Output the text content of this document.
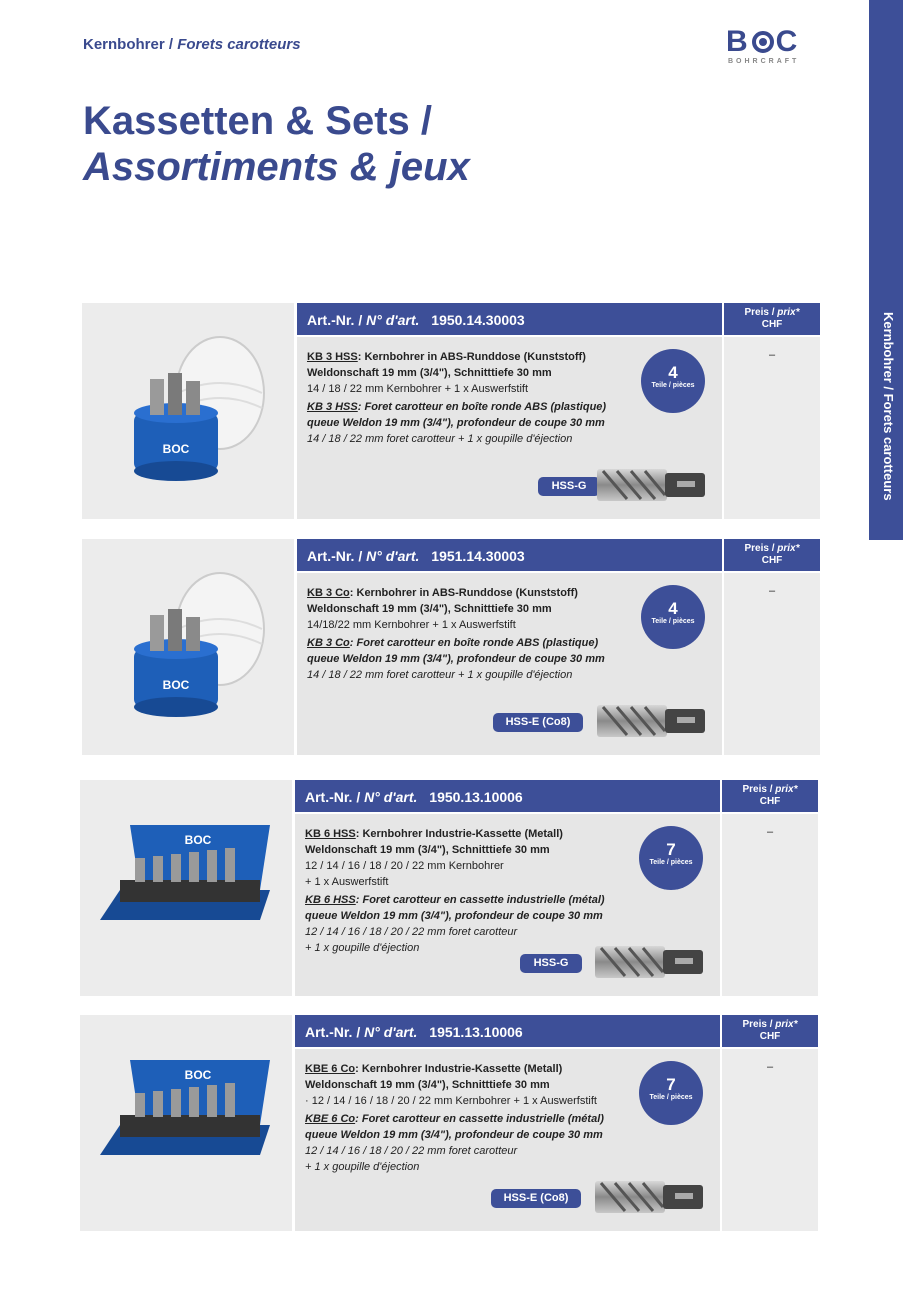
Kernbohrer / Forets carotteurs	B C
BOHRCRAFT
Kassetten & Sets /
Assortiments & jeux
Kernbohrer / Forets carotteurs
BOC
Art.-Nr. / N° d'art. 1950.14.30003
KB 3 HSS: Kernbohrer in ABS-Runddose (Kunststoff)
Weldonschaft 19 mm (3/4"), Schnitttiefe 30 mm
14 / 18 / 22 mm Kernbohrer + 1 x Auswerfstift
KB 3 HSS: Foret carotteur en boîte ronde ABS (plastique)
queue Weldon 19 mm (3/4"), profondeur de coupe 30 mm
14 / 18 / 22 mm foret carotteur + 1 x goupille d'éjection
4
Teile / pièces
HSS-G
Preis / prix*
CHF
–
BOC
Art.-Nr. / N° d'art. 1951.14.30003
KB 3 Co: Kernbohrer in ABS-Runddose (Kunststoff)
Weldonschaft 19 mm (3/4"), Schnitttiefe 30 mm
14/18/22 mm Kernbohrer + 1 x Auswerfstift
KB 3 Co: Foret carotteur en boîte ronde ABS (plastique)
queue Weldon 19 mm (3/4"), profondeur de coupe 30 mm
14 / 18 / 22 mm foret carotteur + 1 x goupille d'éjection
4
Teile / pièces
HSS-E (Co8)
Preis / prix*
CHF
–
BOC
Art.-Nr. / N° d'art. 1950.13.10006
KB 6 HSS: Kernbohrer Industrie-Kassette (Metall)
Weldonschaft 19 mm (3/4"), Schnitttiefe 30 mm
12 / 14 / 16 / 18 / 20 / 22 mm Kernbohrer
+ 1 x Auswerfstift
KB 6 HSS: Foret carotteur en cassette industrielle (métal)
queue Weldon 19 mm (3/4"), profondeur de coupe 30 mm
12 / 14 / 16 / 18 / 20 / 22 mm foret carotteur
+ 1 x goupille d'éjection
7
Teile / pièces
HSS-G
Preis / prix*
CHF
–
BOC
Art.-Nr. / N° d'art. 1951.13.10006
KBE 6 Co: Kernbohrer Industrie-Kassette (Metall)
Weldonschaft 19 mm (3/4"), Schnitttiefe 30 mm
· 12 / 14 / 16 / 18 / 20 / 22 mm Kernbohrer + 1 x Auswerfstift
KBE 6 Co: Foret carotteur en cassette industrielle (métal)
queue Weldon 19 mm (3/4"), profondeur de coupe 30 mm
12 / 14 / 16 / 18 / 20 / 22 mm foret carotteur
+ 1 x goupille d'éjection
7
Teile / pièces
HSS-E (Co8)
Preis / prix*
CHF
–
